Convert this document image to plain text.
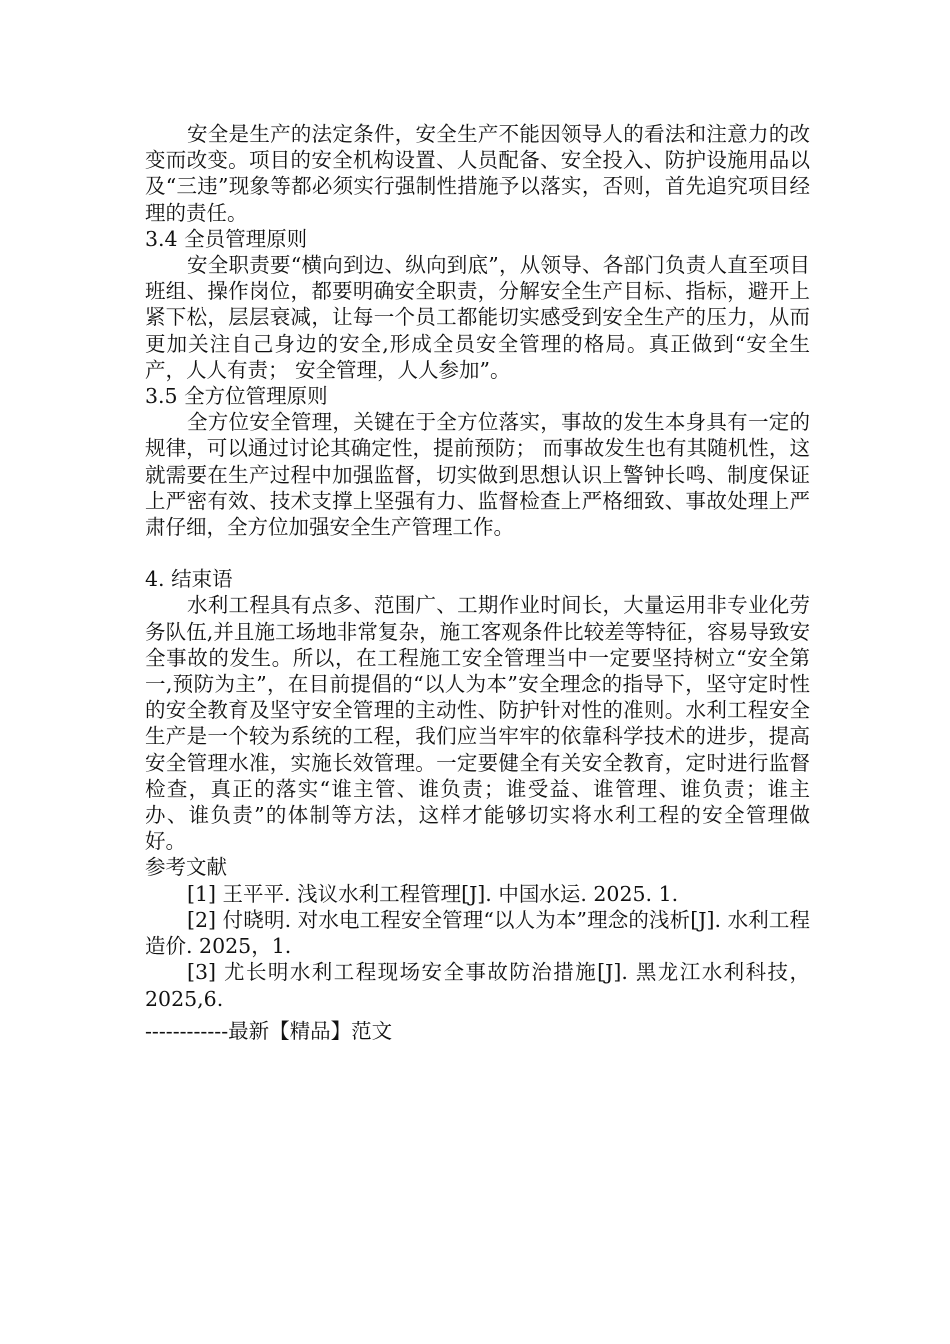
安全是生产的法定条件，安全生产不能因领导人的看法和注意力的改变而改变。项目的安全机构设置、人员配备、安全投入、防护设施用品以及“三违”现象等都必须实行强制性措施予以落实，否则，首先追究项目经理的责任。

3.4 全员管理原则

安全职责要“横向到边、纵向到底”，从领导、各部门负责人直至项目班组、操作岗位，都要明确安全职责，分解安全生产目标、指标，避开上紧下松，层层衰减，让每一个员工都能切实感受到安全生产的压力，从而更加关注自己身边的安全,形成全员安全管理的格局。真正做到“安全生产，人人有责； 安全管理，人人参加”。

3.5 全方位管理原则

全方位安全管理，关键在于全方位落实，事故的发生本身具有一定的规律，可以通过讨论其确定性，提前预防； 而事故发生也有其随机性，这就需要在生产过程中加强监督，切实做到思想认识上警钟长鸣、制度保证上严密有效、技术支撑上坚强有力、监督检查上严格细致、事故处理上严肃仔细，全方位加强安全生产管理工作。

4. 结束语

水利工程具有点多、范围广、工期作业时间长，大量运用非专业化劳务队伍,并且施工场地非常复杂，施工客观条件比较差等特征，容易导致安全事故的发生。所以，在工程施工安全管理当中一定要坚持树立“安全第一,预防为主”，在目前提倡的“以人为本”安全理念的指导下，坚守定时性的安全教育及坚守安全管理的主动性、防护针对性的准则。水利工程安全生产是一个较为系统的工程，我们应当牢牢的依靠科学技术的进步，提高安全管理水准，实施长效管理。一定要健全有关安全教育，定时进行监督检查，真正的落实“谁主管、谁负责；谁受益、谁管理、谁负责；谁主办、谁负责”的体制等方法，这样才能够切实将水利工程的安全管理做好。

参考文献

[1] 王平平. 浅议水利工程管理[J]. 中国水运. 2025. 1.

[2] 付晓明. 对水电工程安全管理“以人为本”理念的浅析[J]. 水利工程造价. 2025，1.

[3] 尤长明水利工程现场安全事故防治措施[J]. 黑龙江水利科技，2025,6.

------------最新【精品】范文
